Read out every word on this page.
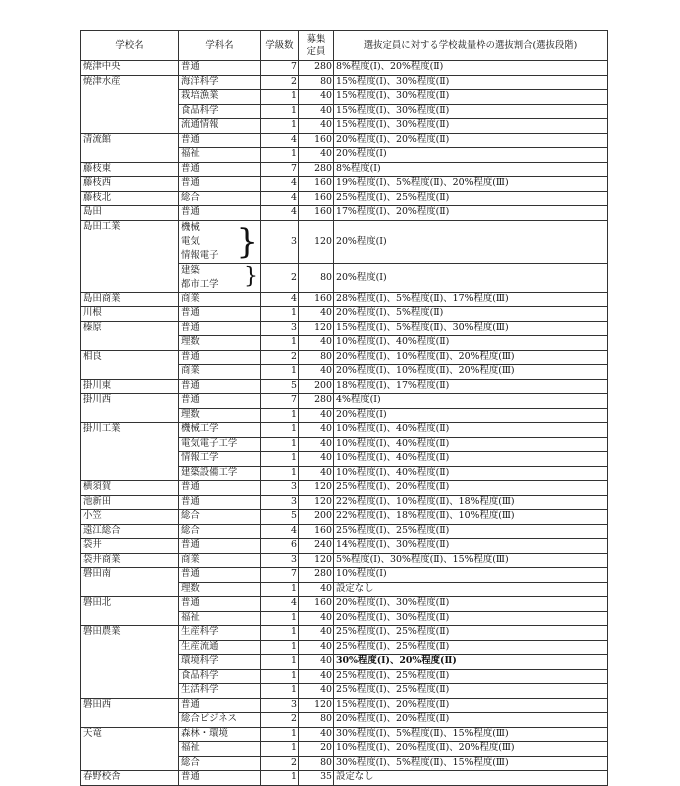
学校名	学科名	学級数	募集
定員	選抜定員に対する学校裁量枠の選抜割合(選抜段階)
焼津中央	普通	7	280	8%程度(Ⅰ)、20%程度(Ⅱ)
焼津水産	海洋科学	2	80	15%程度(Ⅰ)、30%程度(Ⅱ)
	栽培漁業	1	40	15%程度(Ⅰ)、30%程度(Ⅱ)
	食品科学	1	40	15%程度(Ⅰ)、30%程度(Ⅱ)
	流通情報	1	40	15%程度(Ⅰ)、30%程度(Ⅱ)
清流館	普通	4	160	20%程度(Ⅰ)、20%程度(Ⅱ)
	福祉	1	40	20%程度(Ⅰ)
藤枝東	普通	7	280	8%程度(Ⅰ)
藤枝西	普通	4	160	19%程度(Ⅰ)、5%程度(Ⅱ)、20%程度(Ⅲ)
藤枝北	総合	4	160	25%程度(Ⅰ)、25%程度(Ⅱ)
島田	普通	4	160	17%程度(Ⅰ)、20%程度(Ⅱ)
島田工業	機械
電気
情報電子 }	3	120	20%程度(Ⅰ)

	建築
都市工学 }	2	80	20%程度(Ⅰ)
島田商業	商業	4	160	28%程度(Ⅰ)、5%程度(Ⅱ)、17%程度(Ⅲ)
川根	普通	1	40	20%程度(Ⅰ)、5%程度(Ⅱ)
榛原	普通	3	120	15%程度(Ⅰ)、5%程度(Ⅱ)、30%程度(Ⅲ)
	理数	1	40	10%程度(Ⅰ)、40%程度(Ⅱ)
相良	普通	2	80	20%程度(Ⅰ)、10%程度(Ⅱ)、20%程度(Ⅲ)
	商業	1	40	20%程度(Ⅰ)、10%程度(Ⅱ)、20%程度(Ⅲ)
掛川東	普通	5	200	18%程度(Ⅰ)、17%程度(Ⅱ)
掛川西	普通	7	280	4%程度(Ⅰ)
	理数	1	40	20%程度(Ⅰ)
掛川工業	機械工学	1	40	10%程度(Ⅰ)、40%程度(Ⅱ)
	電気電子工学	1	40	10%程度(Ⅰ)、40%程度(Ⅱ)
	情報工学	1	40	10%程度(Ⅰ)、40%程度(Ⅱ)
	建築設備工学	1	40	10%程度(Ⅰ)、40%程度(Ⅱ)
横須賀	普通	3	120	25%程度(Ⅰ)、20%程度(Ⅱ)
池新田	普通	3	120	22%程度(Ⅰ)、10%程度(Ⅱ)、18%程度(Ⅲ)
小笠	総合	5	200	22%程度(Ⅰ)、18%程度(Ⅱ)、10%程度(Ⅲ)
遠江総合	総合	4	160	25%程度(Ⅰ)、25%程度(Ⅱ)
袋井	普通	6	240	14%程度(Ⅰ)、30%程度(Ⅱ)
袋井商業	商業	3	120	5%程度(Ⅰ)、30%程度(Ⅱ)、15%程度(Ⅲ)
磐田南	普通	7	280	10%程度(Ⅰ)
	理数	1	40	設定なし
磐田北	普通	4	160	20%程度(Ⅰ)、30%程度(Ⅱ)
	福祉	1	40	20%程度(Ⅰ)、30%程度(Ⅱ)
磐田農業	生産科学	1	40	25%程度(Ⅰ)、25%程度(Ⅱ)
	生産流通	1	40	25%程度(Ⅰ)、25%程度(Ⅱ)
	環境科学	1	40	30%程度(Ⅰ)、20%程度(Ⅱ)
	食品科学	1	40	25%程度(Ⅰ)、25%程度(Ⅱ)
	生活科学	1	40	25%程度(Ⅰ)、25%程度(Ⅱ)
磐田西	普通	3	120	15%程度(Ⅰ)、20%程度(Ⅱ)
	総合ビジネス	2	80	20%程度(Ⅰ)、20%程度(Ⅱ)
天竜	森林・環境	1	40	30%程度(Ⅰ)、5%程度(Ⅱ)、15%程度(Ⅲ)
	福祉	1	20	10%程度(Ⅰ)、20%程度(Ⅱ)、20%程度(Ⅲ)
	総合	2	80	30%程度(Ⅰ)、5%程度(Ⅱ)、15%程度(Ⅲ)
春野校舎	普通	1	35	設定なし
